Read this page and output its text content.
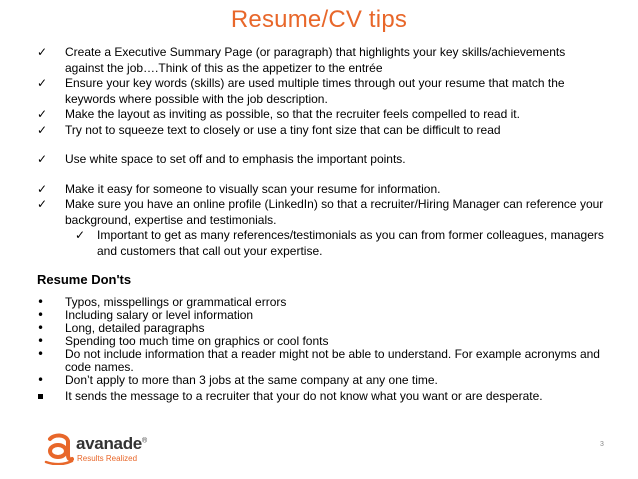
Resume/CV tips
✓ Create a Executive Summary Page (or paragraph) that highlights your key skills/achievements against the job….Think of this as the appetizer to the entrée
✓ Ensure your key words (skills) are used multiple times through out your resume that match the keywords where possible with the job description.
✓ Make the layout as inviting as possible, so that the recruiter feels compelled to read it.
✓ Try not to squeeze text to closely or use a tiny font size that can be difficult to read
✓ Use white space to set off and to emphasis the important points.
✓ Make it easy for someone to visually scan your resume for information.
✓ Make sure you have an online profile (LinkedIn) so that a recruiter/Hiring Manager can reference your background, expertise and testimonials.
✓ Important to get as many references/testimonials as you can from former colleagues, managers and customers that call out your expertise.
Resume Don'ts
• Typos, misspellings or grammatical errors
• Including salary or level information
• Long, detailed paragraphs
• Spending too much time on graphics or cool fonts
• Do not include information that a reader might not be able to understand. For example acronyms and code names.
• Don’t apply to more than 3 jobs at the same company at any one time.
It sends the message to a recruiter that your do not know what you want or are desperate.
avanade®
Results Realized
3
